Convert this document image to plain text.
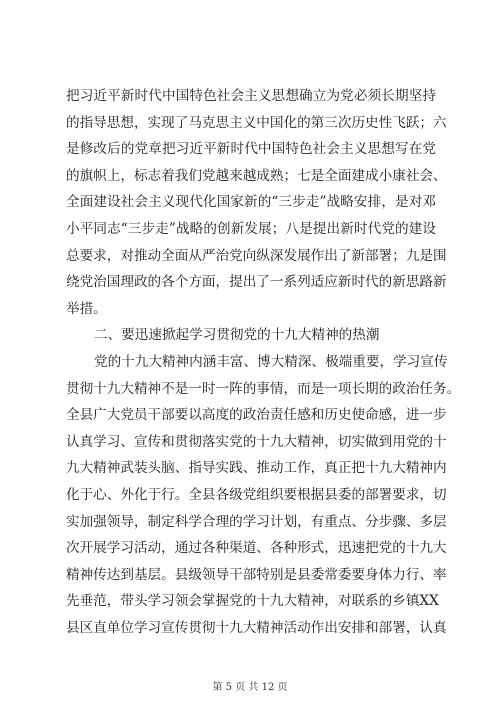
把习近平新时代中国特色社会主义思想确立为党必须长期坚持
的指导思想，实现了马克思主义中国化的第三次历史性飞跃；六
是修改后的党章把习近平新时代中国特色社会主义思想写在党
的旗帜上，标志着我们党越来越成熟；七是全面建成小康社会、
全面建设社会主义现代化国家新的“三步走”战略安排，是对邓
小平同志“三步走”战略的创新发展；八是提出新时代党的建设
总要求，对推动全面从严治党向纵深发展作出了新部署；九是围
绕党治国理政的各个方面，提出了一系列适应新时代的新思路新
举措。
二、要迅速掀起学习贯彻党的十九大精神的热潮
党的十九大精神内涵丰富、博大精深、极端重要，学习宣传
贯彻十九大精神不是一时一阵的事情，而是一项长期的政治任务。
全县广大党员干部要以高度的政治责任感和历史使命感，进一步
认真学习、宣传和贯彻落实党的十九大精神，切实做到用党的十
九大精神武装头脑、指导实践、推动工作，真正把十九大精神内
化于心、外化于行。全县各级党组织要根据县委的部署要求，切
实加强领导，制定科学合理的学习计划，有重点、分步骤、多层
次开展学习活动，通过各种渠道、各种形式，迅速把党的十九大
精神传达到基层。县级领导干部特别是县委常委要身体力行、率
先垂范，带头学习领会掌握党的十九大精神，对联系的乡镇XX
县区直单位学习宣传贯彻十九大精神活动作出安排和部署，认真
第 5 页 共 12 页
